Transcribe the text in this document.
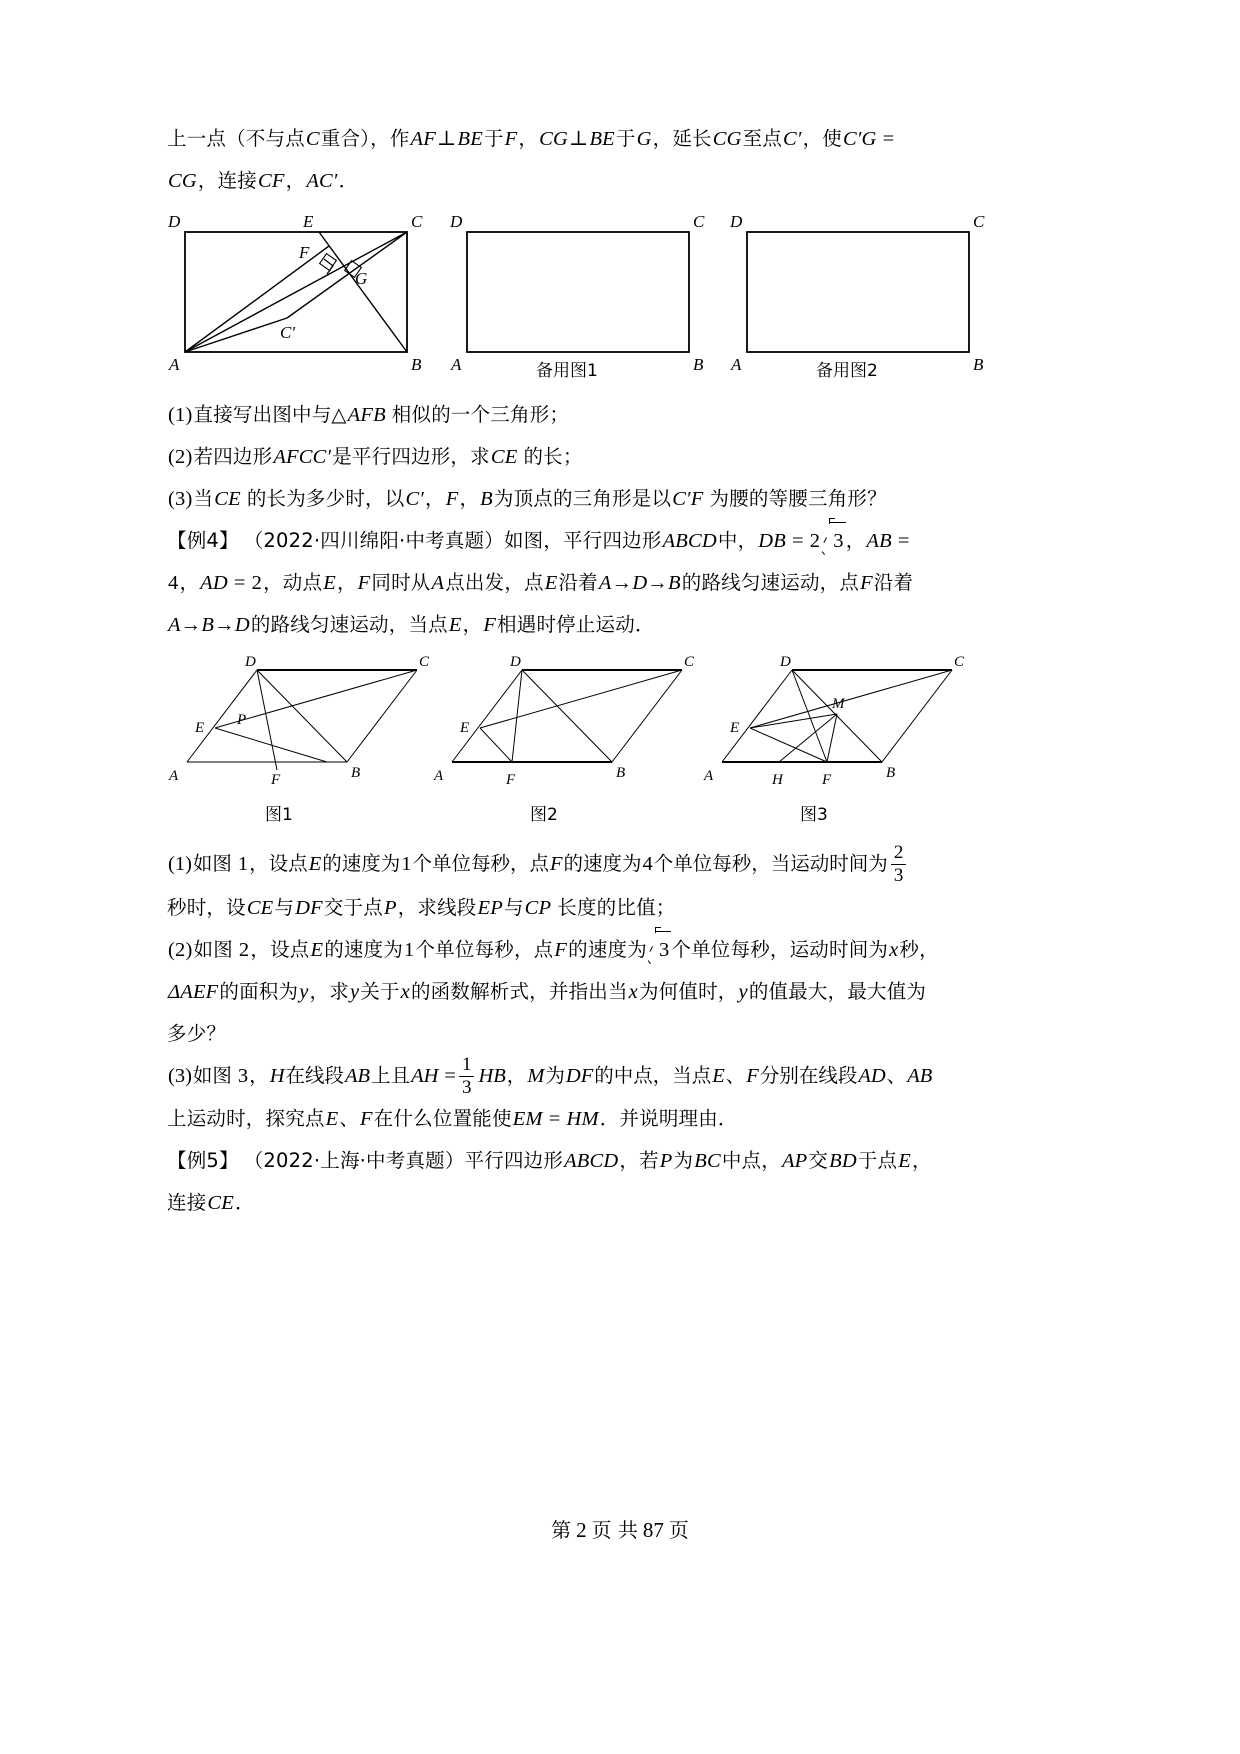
上一点（不与点C重合），作AF⊥BE于F，CG⊥BE于G，延长CG至点C′，使C′G =
CG，连接CF，AC′．
D	C
A	B
E
F
G
C′
D	C
A	B
备用图1
D	C
A	B
备用图2
(1)直接写出图中与△AFB 相似的一个三角形；
(2)若四边形AFCC′是平行四边形，求CE 的长；
(3)当CE 的长为多少时，以C′，F，B为顶点的三角形是以C′F 为腰的等腰三角形？
【例4】 （2022·四川绵阳·中考真题）如图，平行四边形ABCD中，DB = 2 3 ，AB =
4，AD = 2，动点E，F同时从A点出发，点E沿着A→D→B的路线匀速运动，点F沿着
A→B→D的路线匀速运动，当点E，F相遇时停止运动．
D	C
A	B
E
F
P
图1
D	C
A	B
E
F
图2
D	C
A	B
E
H	F
M
图3
(1)如图 1，设点E的速度为1个单位每秒，点F的速度为4个单位每秒，当运动时间为 $\frac{2}{3}$
秒时，设CE与DF交于点P，求线段EP与CP 长度的比值；
(2)如图 2，设点E的速度为1个单位每秒，点F的速度为 3 个单位每秒，运动时间为x秒，
ΔAEF的面积为y，求y关于x的函数解析式，并指出当x为何值时，y的值最大，最大值为
多少？
(3)如图 3，H在线段AB上且AH = $\frac{1}{3}$ HB，M为DF的中点，当点E、F分别在线段AD、AB
上运动时，探究点E、F在什么位置能使EM = HM．并说明理由．
【例5】 （2022·上海·中考真题）平行四边形ABCD，若P为BC中点，AP交BD于点E，
连接CE．
第 2 页 共 87 页
